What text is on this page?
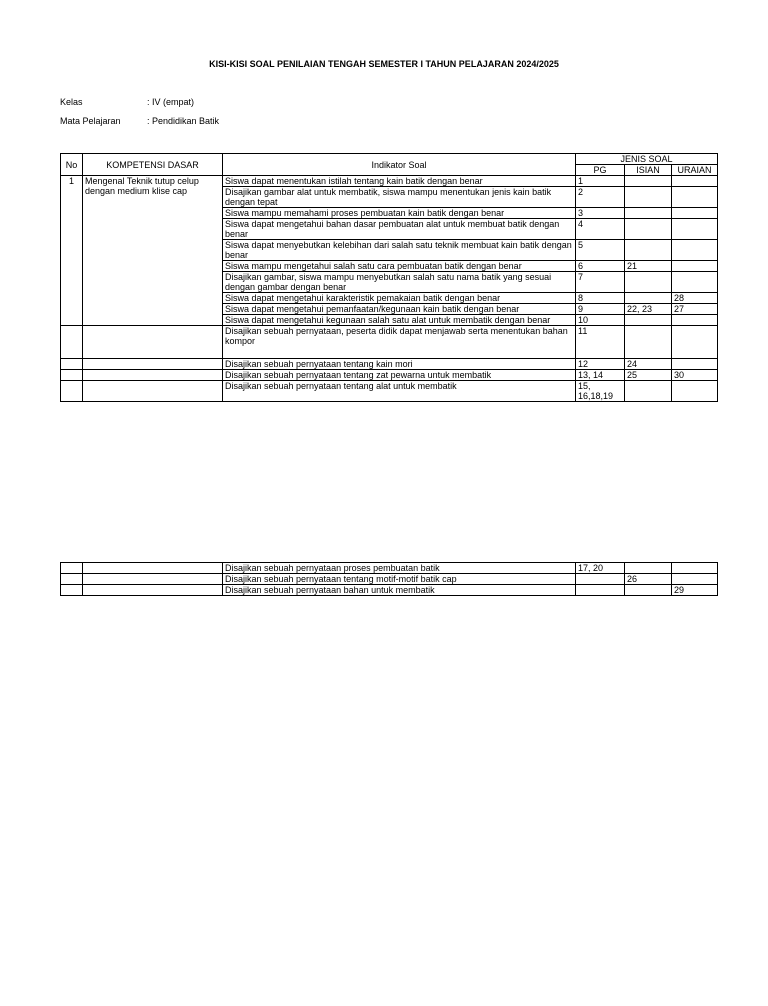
KISI-KISI SOAL PENILAIAN TENGAH SEMESTER I TAHUN PELAJARAN 2024/2025
Kelas	: IV (empat)
Mata Pelajaran	: Pendidikan Batik
No	KOMPETENSI DASAR	Indikator Soal	JENIS SOAL		
			PG	ISIAN	URAIAN
1	Mengenal Teknik tutup celup dengan medium klise cap	Siswa dapat menentukan istilah tentang kain batik dengan benar	1		
		Disajikan gambar alat untuk membatik, siswa mampu menentukan jenis kain batik dengan tepat	2		
		Siswa mampu memahami proses pembuatan kain batik dengan benar	3		
		Siswa dapat mengetahui bahan dasar pembuatan alat untuk membuat batik dengan benar	4		
		Siswa dapat menyebutkan kelebihan dari salah satu teknik membuat kain batik dengan benar	5		
		Siswa mampu mengetahui salah satu cara pembuatan batik dengan benar	6	21	
		Disajikan gambar, siswa mampu menyebutkan salah satu nama batik yang sesuai dengan gambar dengan benar	7		
		Siswa dapat mengetahui karakteristik pemakaian batik dengan benar	8		28
		Siswa dapat mengetahui pemanfaatan/kegunaan kain batik dengan benar	9	22, 23	27
		Siswa dapat mengetahui kegunaan salah satu alat untuk membatik dengan benar	10		
		Disajikan sebuah pernyataan, peserta didik dapat menjawab serta menentukan bahan kompor	11		
		Disajikan sebuah pernyataan tentang kain mori	12	24	
		Disajikan sebuah pernyataan tentang zat pewarna untuk membatik	13, 14	25	30
		Disajikan sebuah pernyataan tentang alat untuk membatik	15, 16,18,19		
		Disajikan sebuah pernyataan proses pembuatan batik	17, 20		
		Disajikan sebuah pernyataan tentang motif-motif batik cap		26	
		Disajikan sebuah pernyataan bahan untuk membatik			29
